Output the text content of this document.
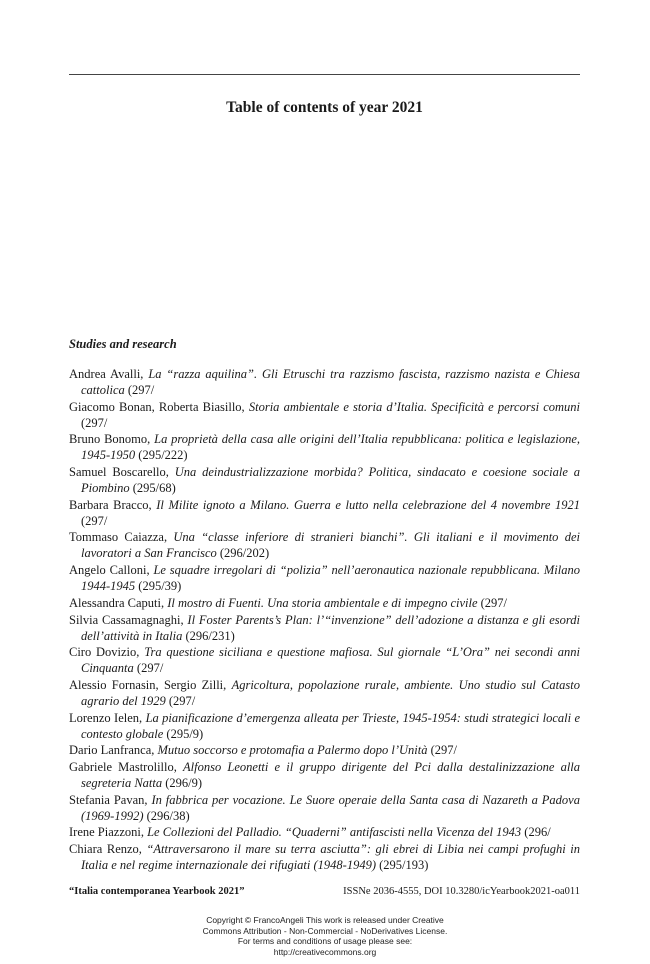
Table of contents of year 2021
Studies and research
Andrea Avalli, La “razza aquilina”. Gli Etruschi tra razzismo fascista, razzismo nazista e Chiesa cattolica (297/
Giacomo Bonan, Roberta Biasillo, Storia ambientale e storia d’Italia. Specificità e percorsi comuni (297/
Bruno Bonomo, La proprietà della casa alle origini dell’Italia repubblicana: politica e legislazione, 1945-1950 (295/222)
Samuel Boscarello, Una deindustrializzazione morbida? Politica, sindacato e coesione sociale a Piombino (295/68)
Barbara Bracco, Il Milite ignoto a Milano. Guerra e lutto nella celebrazione del 4 novembre 1921 (297/
Tommaso Caiazza, Una “classe inferiore di stranieri bianchi”. Gli italiani e il movimento dei lavoratori a San Francisco (296/202)
Angelo Calloni, Le squadre irregolari di “polizia” nell’aeronautica nazionale repubblicana. Milano 1944-1945 (295/39)
Alessandra Caputi, Il mostro di Fuenti. Una storia ambientale e di impegno civile (297/
Silvia Cassamagnaghi, Il Foster Parents’s Plan: l’“invenzione” dell’adozione a distanza e gli esordi dell’attività in Italia (296/231)
Ciro Dovizio, Tra questione siciliana e questione mafiosa. Sul giornale “L’Ora” nei secondi anni Cinquanta (297/
Alessio Fornasin, Sergio Zilli, Agricoltura, popolazione rurale, ambiente. Uno studio sul Catasto agrario del 1929 (297/
Lorenzo Ielen, La pianificazione d’emergenza alleata per Trieste, 1945-1954: studi strategici locali e contesto globale (295/9)
Dario Lanfranca, Mutuo soccorso e protomafia a Palermo dopo l’Unità (297/
Gabriele Mastrolillo, Alfonso Leonetti e il gruppo dirigente del Pci dalla destalinizzazione alla segreteria Natta (296/9)
Stefania Pavan, In fabbrica per vocazione. Le Suore operaie della Santa casa di Nazareth a Padova (1969-1992) (296/38)
Irene Piazzoni, Le Collezioni del Palladio. “Quaderni” antifascisti nella Vicenza del 1943 (296/
Chiara Renzo, “Attraversarono il mare su terra asciutta”: gli ebrei di Libia nei campi profughi in Italia e nel regime internazionale dei rifugiati (1948-1949) (295/193)
“Italia contemporanea Yearbook 2021”	ISSNe 2036-4555, DOI 10.3280/icYearbook2021-oa011
Copyright © FrancoAngeli This work is released under Creative
Commons Attribution - Non-Commercial - NoDerivatives License.
For terms and conditions of usage please see:
http://creativecommons.org
